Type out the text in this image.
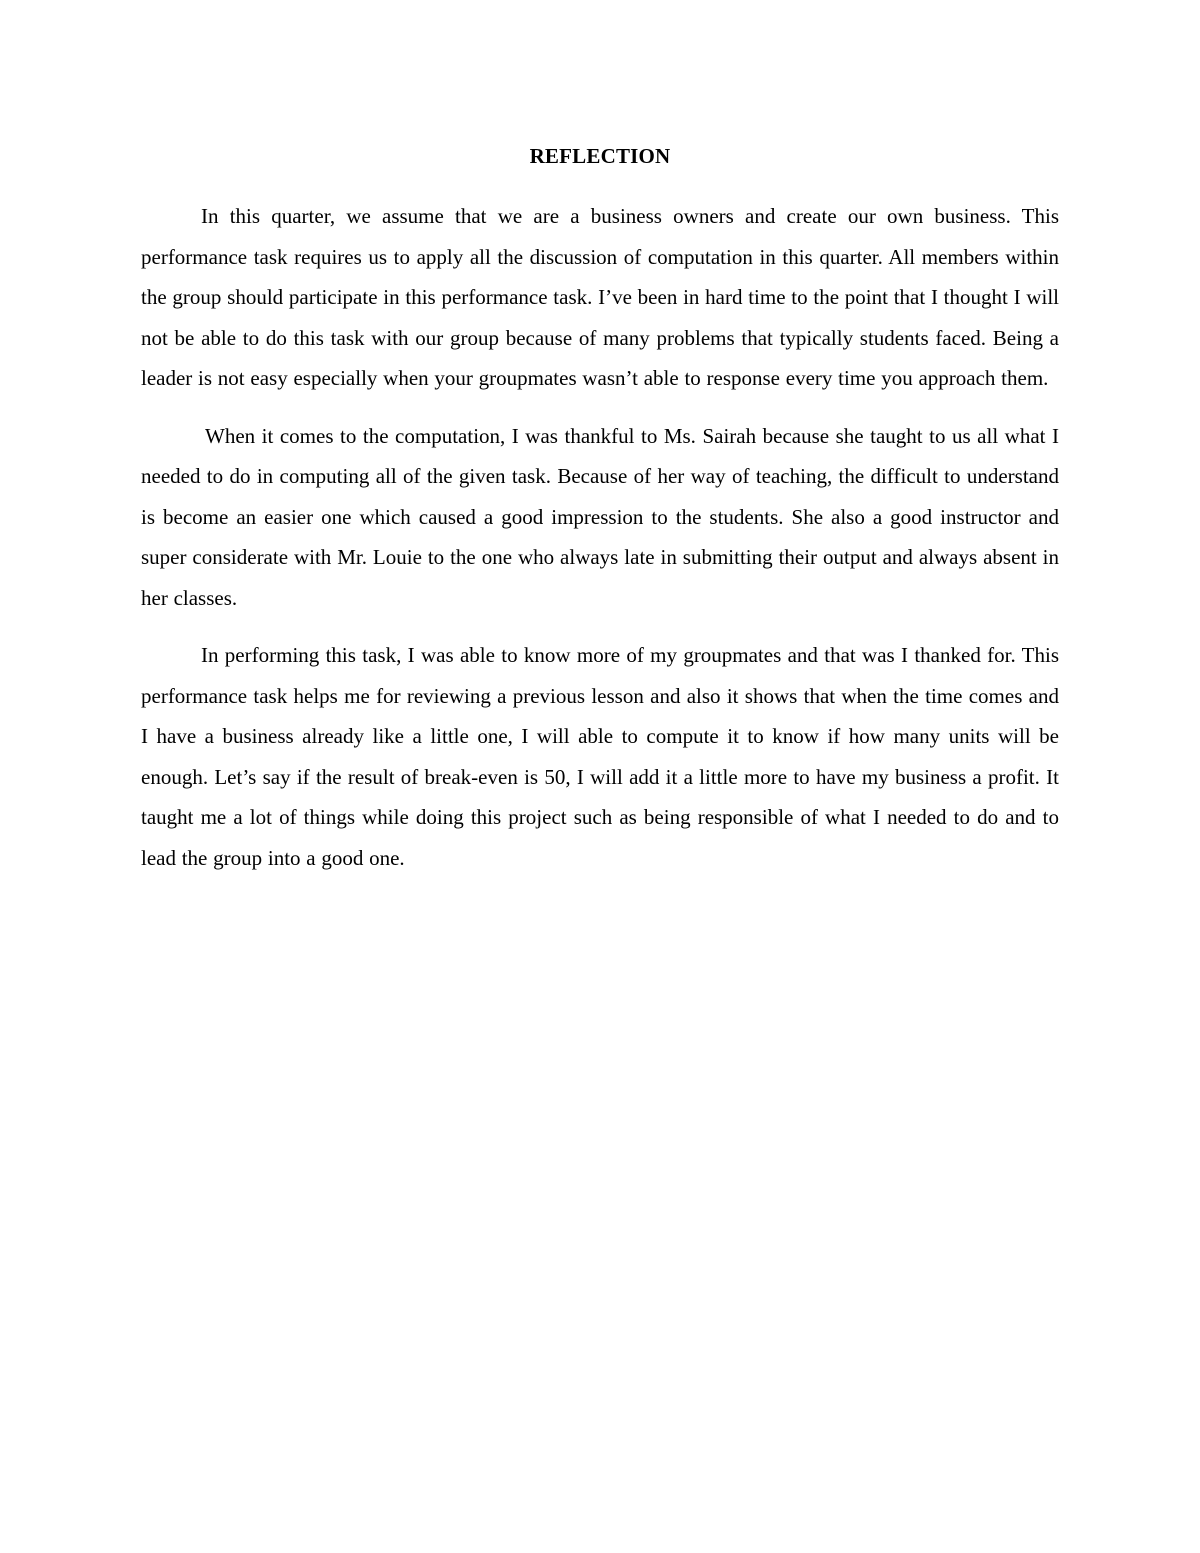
REFLECTION

In this quarter, we assume that we are a business owners and create our own business. This performance task requires us to apply all the discussion of computation in this quarter. All members within the group should participate in this performance task. I’ve been in hard time to the point that I thought I will not be able to do this task with our group because of many problems that typically students faced. Being a leader is not easy especially when your groupmates wasn’t able to response every time you approach them.

When it comes to the computation, I was thankful to Ms. Sairah because she taught to us all what I needed to do in computing all of the given task. Because of her way of teaching, the difficult to understand is become an easier one which caused a good impression to the students. She also a good instructor and super considerate with Mr. Louie to the one who always late in submitting their output and always absent in her classes.

In performing this task, I was able to know more of my groupmates and that was I thanked for. This performance task helps me for reviewing a previous lesson and also it shows that when the time comes and I have a business already like a little one, I will able to compute it to know if how many units will be enough. Let’s say if the result of break-even is 50, I will add it a little more to have my business a profit. It taught me a lot of things while doing this project such as being responsible of what I needed to do and to lead the group into a good one.
